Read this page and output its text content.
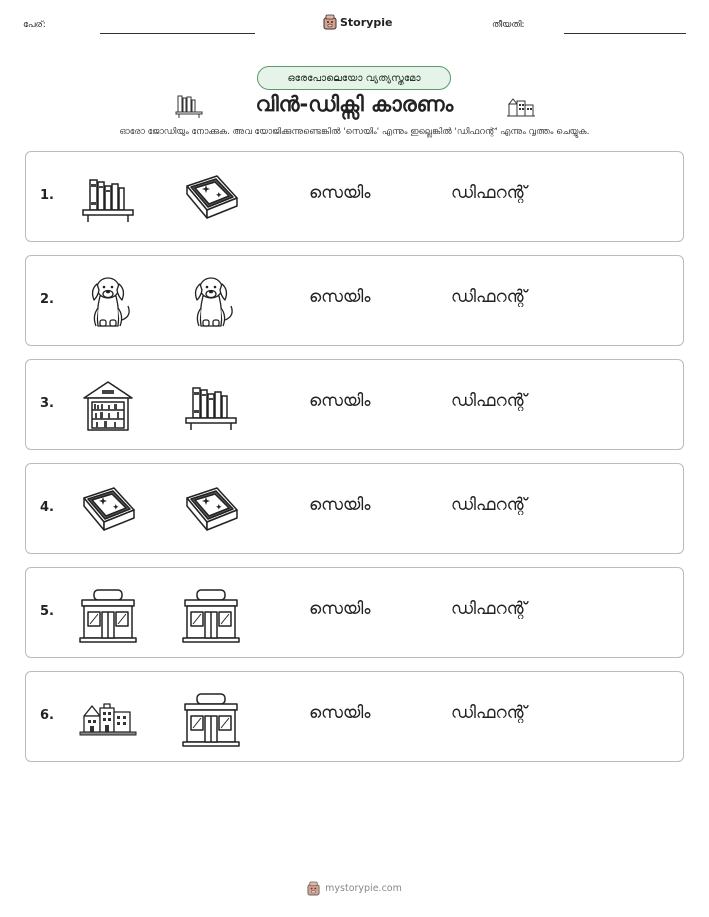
പേര്:	Storypie	തീയതി:
ഒരേപോലെയോ വ്യത്യസ്തമോ
വിൻ-ഡിക്സി കാരണം
ഓരോ ജോഡിയും നോക്കുക. അവ യോജിക്കുന്നുണ്ടെങ്കിൽ 'സെയിം' എന്നും ഇല്ലെങ്കിൽ 'ഡിഫറന്റ്' എന്നും വൃത്തം ചെയ്യുക.
1.	സെയിം	ഡിഫറന്റ്
2.	സെയിം	ഡിഫറന്റ്
3.	സെയിം	ഡിഫറന്റ്
4.	സെയിം	ഡിഫറന്റ്
5.	സെയിം	ഡിഫറന്റ്
6.	സെയിം	ഡിഫറന്റ്
mystorypie.com
